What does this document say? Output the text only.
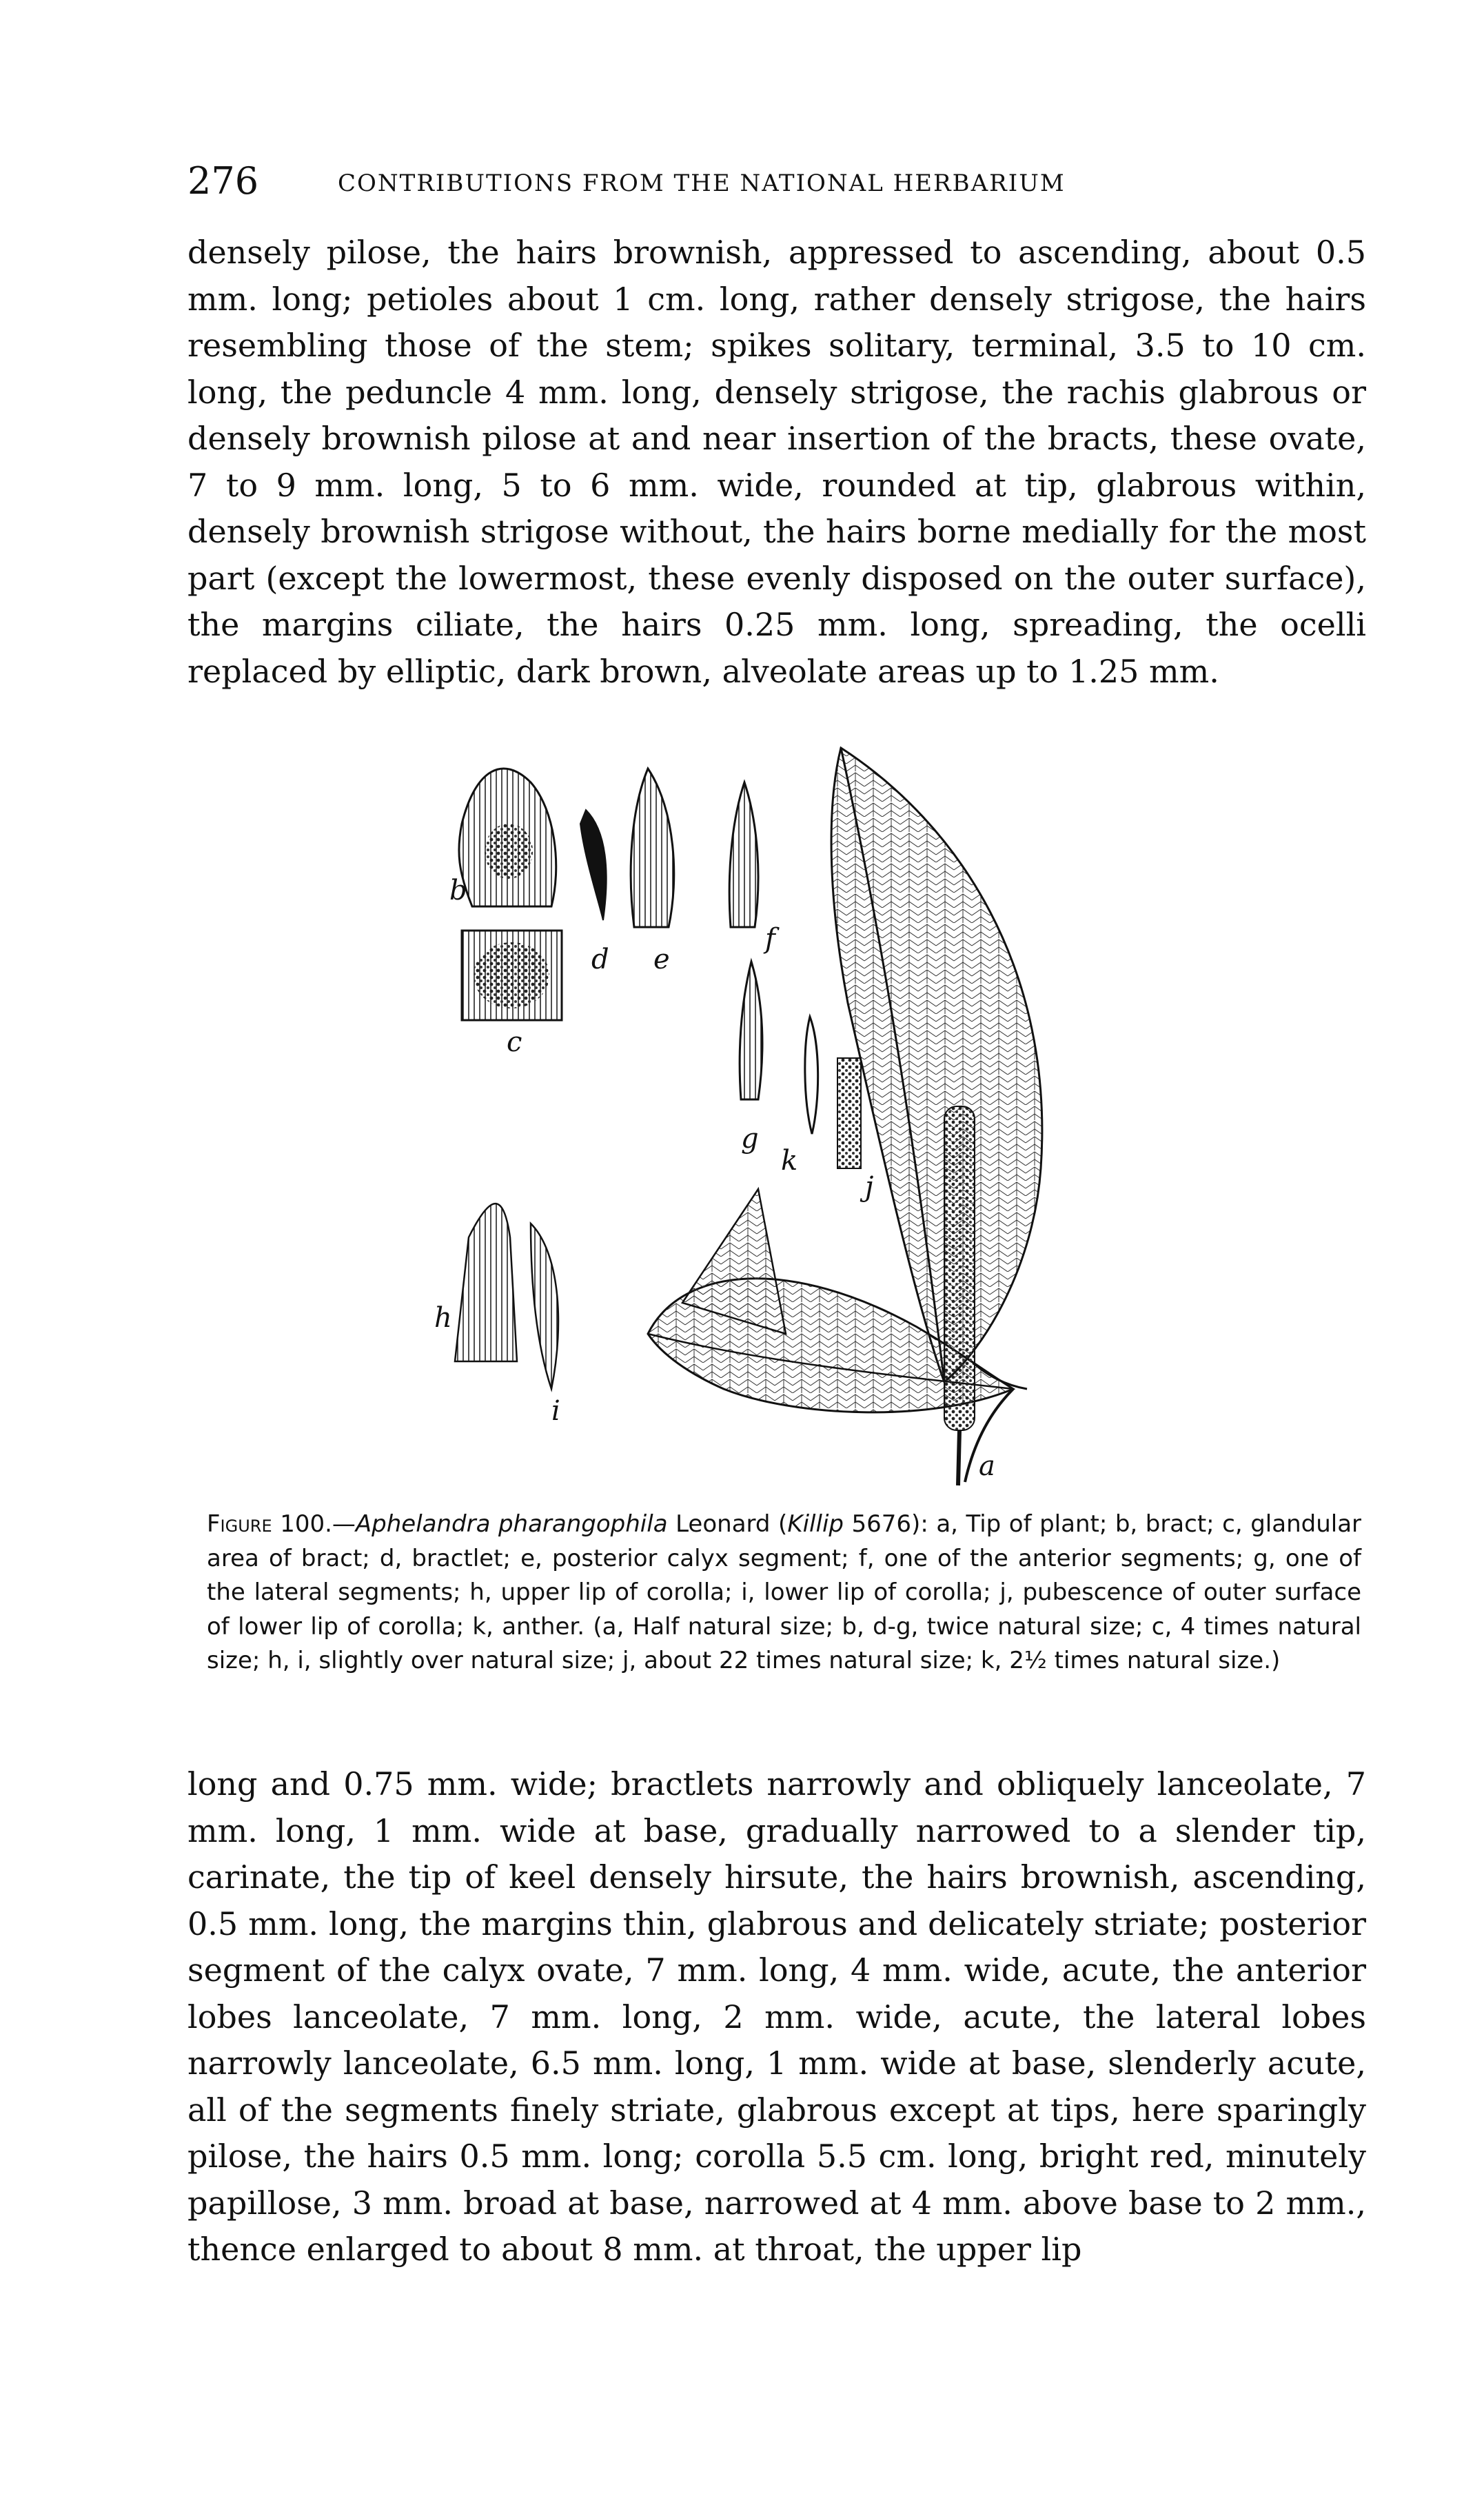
276	CONTRIBUTIONS FROM THE NATIONAL HERBARIUM

densely pilose, the hairs brownish, appressed to ascending, about 0.5 mm. long; petioles about 1 cm. long, rather densely strigose, the hairs resembling those of the stem; spikes solitary, terminal, 3.5 to 10 cm. long, the peduncle 4 mm. long, densely strigose, the rachis glabrous or densely brownish pilose at and near insertion of the bracts, these ovate, 7 to 9 mm. long, 5 to 6 mm. wide, rounded at tip, glabrous within, densely brownish strigose without, the hairs borne medially for the most part (except the lowermost, these evenly disposed on the outer surface), the margins ciliate, the hairs 0.25 mm. long, spreading, the ocelli replaced by elliptic, dark brown, alveolate areas up to 1.25 mm.

a
b
c
d e
f
g
k
j
h
i

Figure 100.—Aphelandra pharangophila Leonard (Killip 5676): a, Tip of plant; b, bract; c, glandular area of bract; d, bractlet; e, posterior calyx segment; f, one of the anterior segments; g, one of the lateral segments; h, upper lip of corolla; i, lower lip of corolla; j, pubescence of outer surface of lower lip of corolla; k, anther. (a, Half natural size; b, d-g, twice natural size; c, 4 times natural size; h, i, slightly over natural size; j, about 22 times natural size; k, 2½ times natural size.)

long and 0.75 mm. wide; bractlets narrowly and obliquely lanceolate, 7 mm. long, 1 mm. wide at base, gradually narrowed to a slender tip, carinate, the tip of keel densely hirsute, the hairs brownish, ascending, 0.5 mm. long, the margins thin, glabrous and delicately striate; posterior segment of the calyx ovate, 7 mm. long, 4 mm. wide, acute, the anterior lobes lanceolate, 7 mm. long, 2 mm. wide, acute, the lateral lobes narrowly lanceolate, 6.5 mm. long, 1 mm. wide at base, slenderly acute, all of the segments finely striate, glabrous except at tips, here sparingly pilose, the hairs 0.5 mm. long; corolla 5.5 cm. long, bright red, minutely papillose, 3 mm. broad at base, narrowed at 4 mm. above base to 2 mm., thence enlarged to about 8 mm. at throat, the upper lip
